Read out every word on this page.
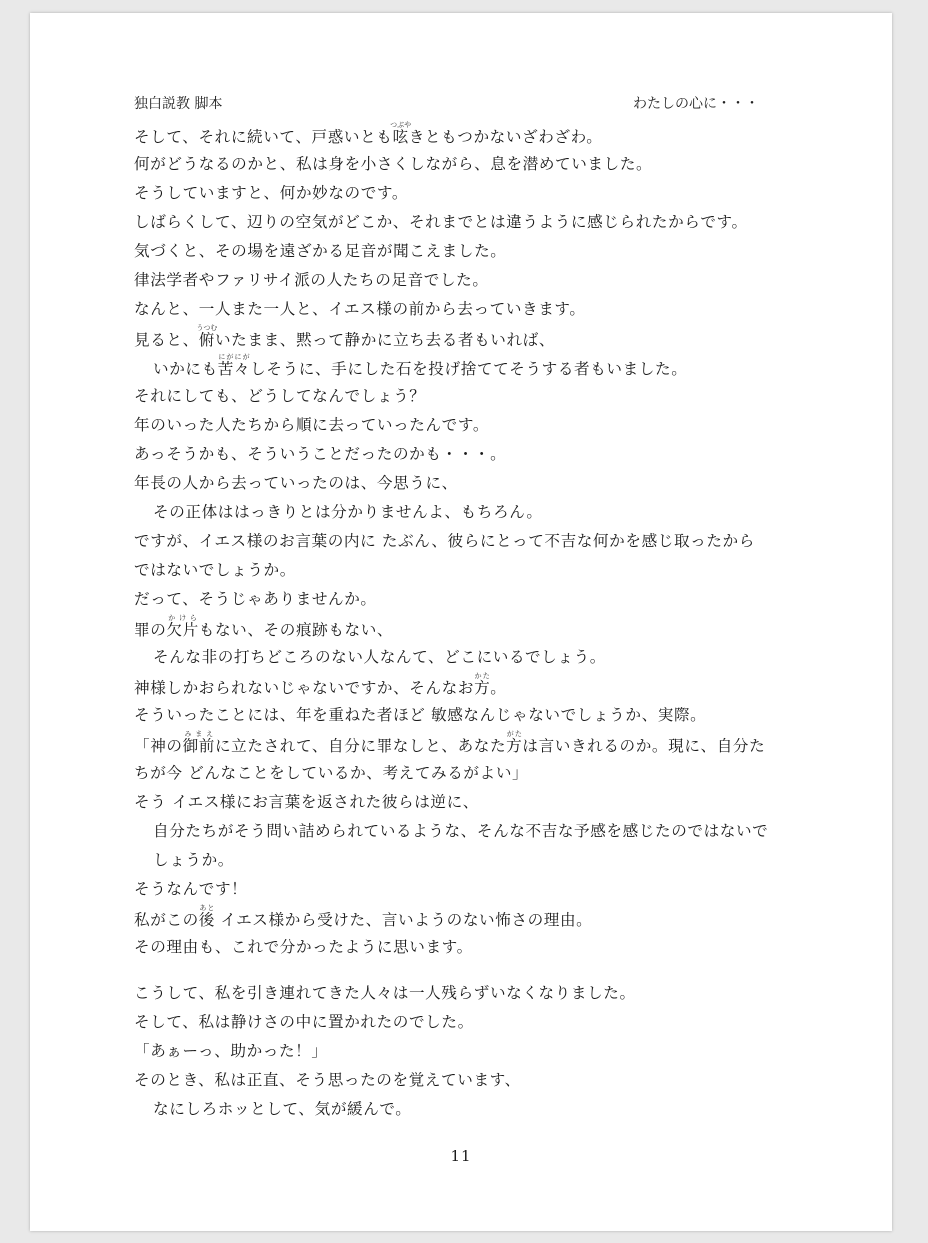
独白説教 脚本	わたしの心に・・・
そして、それに続いて、戸惑いとも呟つぶやきともつかないざわざわ。
何がどうなるのかと、私は身を小さくしながら、息を潜めていました。
そうしていますと、何か妙なのです。
しばらくして、辺りの空気がどこか、それまでとは違うように感じられたからです。
気づくと、その場を遠ざかる足音が聞こえました。
律法学者やファリサイ派の人たちの足音でした。
なんと、一人また一人と、イエス様の前から去っていきます。
見ると、俯うつむいたまま、黙って静かに立ち去る者もいれば、
いかにも苦々にがにがしそうに、手にした石を投げ捨ててそうする者もいました。
それにしても、どうしてなんでしょう？
年のいった人たちから順に去っていったんです。
あっそうかも、そういうことだったのかも・・・。
年長の人から去っていったのは、今思うに、
その正体ははっきりとは分かりませんよ、もちろん。
ですが、イエス様のお言葉の内に たぶん、彼らにとって不吉な何かを感じ取ったから
ではないでしょうか。
だって、そうじゃありませんか。
罪の欠片かけらもない、その痕跡もない、
そんな非の打ちどころのない人なんて、どこにいるでしょう。
神様しかおられないじゃないですか、そんなお方かた。
そういったことには、年を重ねた者ほど 敏感なんじゃないでしょうか、実際。
「神の御前みまえに立たされて、自分に罪なしと、あなた方がたは言いきれるのか。現に、自分た
ちが今 どんなことをしているか、考えてみるがよい」
そう イエス様にお言葉を返された彼らは逆に、
自分たちがそう問い詰められているような、そんな不吉な予感を感じたのではないで
しょうか。
そうなんです！
私がこの後あと イエス様から受けた、言いようのない怖さの理由。
その理由も、これで分かったように思います。
こうして、私を引き連れてきた人々は一人残らずいなくなりました。
そして、私は静けさの中に置かれたのでした。
「あぁーっ、助かった！」
そのとき、私は正直、そう思ったのを覚えています、
なにしろホッとして、気が緩んで。
11
